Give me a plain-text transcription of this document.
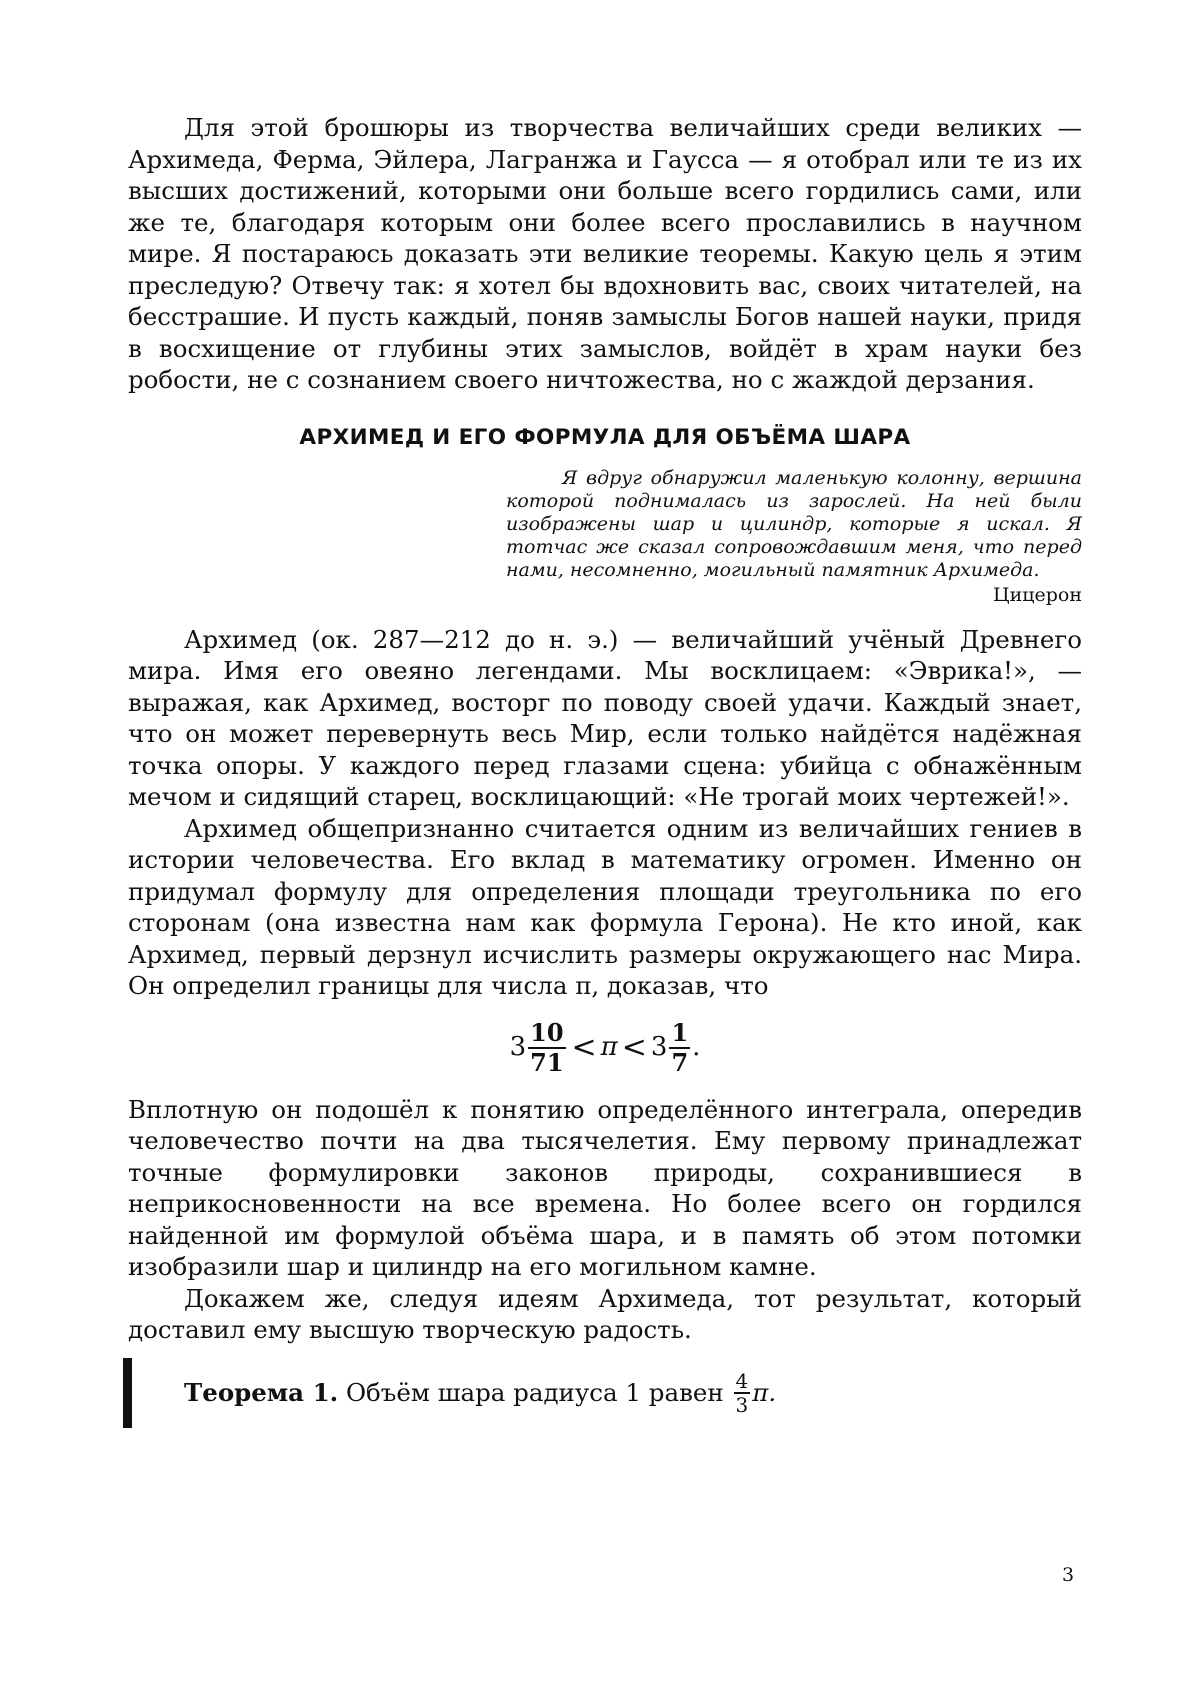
Для этой брошюры из творчества величайших среди великих — Архимеда, Ферма, Эйлера, Лагранжа и Гаусса — я отобрал или те из их высших достижений, которыми они больше всего гордились сами, или же те, благодаря которым они более всего прославились в научном мире. Я постараюсь доказать эти великие теоремы. Какую цель я этим преследую? Отвечу так: я хотел бы вдохновить вас, своих читателей, на бесстрашие. И пусть каждый, поняв замыслы Богов нашей науки, придя в восхищение от глубины этих замыслов, войдёт в храм науки без робости, не с сознанием своего ничтожества, но с жаждой дерзания.

АРХИМЕД И ЕГО ФОРМУЛА ДЛЯ ОБЪЁМА ШАРА
Я вдруг обнаружил маленькую колонну, вершина которой поднималась из зарослей. На ней были изображены шар и цилиндр, которые я искал. Я тотчас же сказал сопровождавшим меня, что перед нами, несомненно, могильный памятник Архимеда.
Цицерон

Архимед (ок. 287—212 до н. э.) — величайший учёный Древнего мира. Имя его овеяно легендами. Мы восклицаем: «Эврика!», — выражая, как Архимед, восторг по поводу своей удачи. Каждый знает, что он может перевернуть весь Мир, если только найдётся надёжная точка опоры. У каждого перед глазами сцена: убийца с обнажённым мечом и сидящий старец, восклицающий: «Не трогай моих чертежей!».

Архимед общепризнанно считается одним из величайших гениев в истории человечества. Его вклад в математику огромен. Именно он придумал формулу для определения площади треугольника по его сторонам (она известна нам как формула Герона). Не кто иной, как Архимед, первый дерзнул исчислить размеры окружающего нас Мира. Он определил границы для числа π, доказав, что

$3 \frac{10}{71} < \pi < 3 \frac{1}{7}$ .

Вплотную он подошёл к понятию определённого интеграла, опередив человечество почти на два тысячелетия. Ему первому принадлежат точные формулировки законов природы, сохранившиеся в неприкосновенности на все времена. Но более всего он гордился найденной им формулой объёма шара, и в память об этом потомки изобразили шар и цилиндр на его могильном камне.

Докажем же, следуя идеям Архимеда, тот результат, который доставил ему высшую творческую радость.

Теорема 1.
Объём шара радиуса 1 равен
$\frac{4}{3} \pi$.
3
